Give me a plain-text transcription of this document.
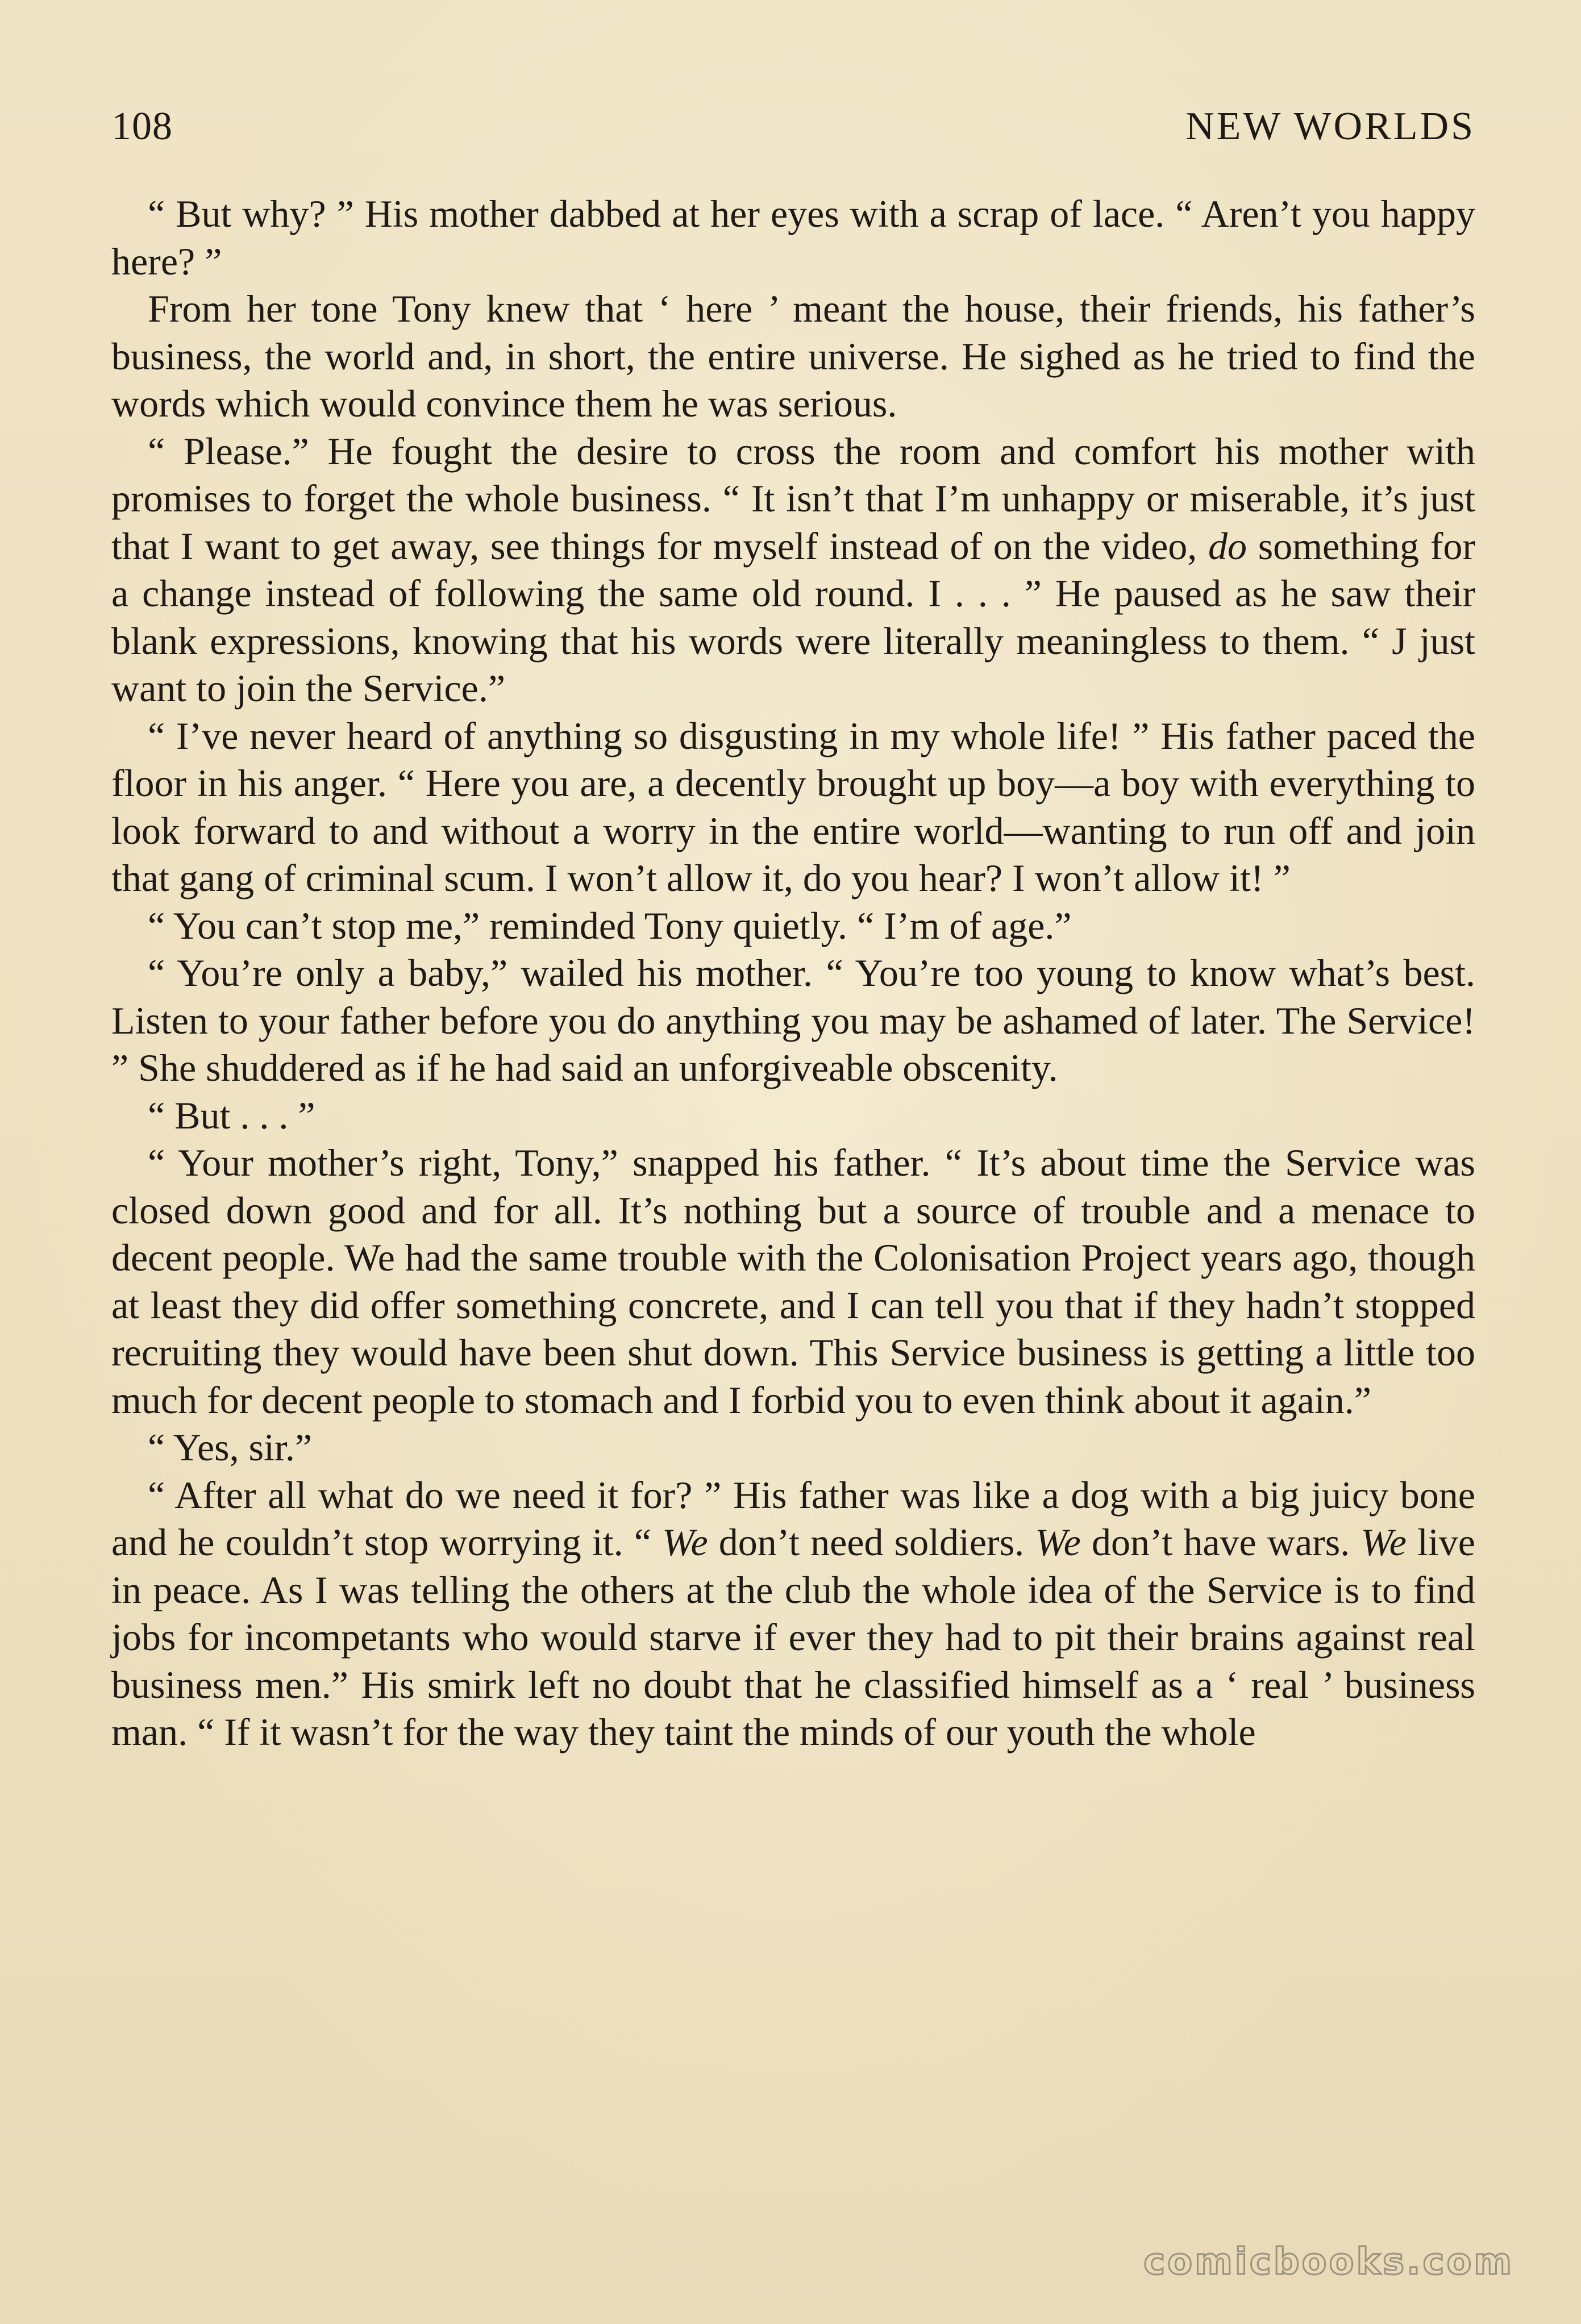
108	NEW WORLDS

“ But why? ” His mother dabbed at her eyes with a scrap of lace. “ Aren’t you happy here? ”

From her tone Tony knew that ‘ here ’ meant the house, their friends, his father’s business, the world and, in short, the entire universe. He sighed as he tried to find the words which would convince them he was serious.

“ Please.” He fought the desire to cross the room and comfort his mother with promises to forget the whole business. “ It isn’t that I’m unhappy or miserable, it’s just that I want to get away, see things for myself instead of on the video, do something for a change instead of following the same old round. I . . . ” He paused as he saw their blank expressions, knowing that his words were literally meaningless to them. “ J just want to join the Service.”

“ I’ve never heard of anything so disgusting in my whole life! ” His father paced the floor in his anger. “ Here you are, a decently brought up boy—a boy with everything to look forward to and without a worry in the entire world—wanting to run off and join that gang of criminal scum. I won’t allow it, do you hear? I won’t allow it! ”

“ You can’t stop me,” reminded Tony quietly. “ I’m of age.”

“ You’re only a baby,” wailed his mother. “ You’re too young to know what’s best. Listen to your father before you do anything you may be ashamed of later. The Service! ” She shuddered as if he had said an unforgiveable obscenity.

“ But . . . ”

“ Your mother’s right, Tony,” snapped his father. “ It’s about time the Service was closed down good and for all. It’s nothing but a source of trouble and a menace to decent people. We had the same trouble with the Colonisation Project years ago, though at least they did offer something concrete, and I can tell you that if they hadn’t stopped recruiting they would have been shut down. This Service business is getting a little too much for decent people to stomach and I forbid you to even think about it again.”

“ Yes, sir.”

“ After all what do we need it for? ” His father was like a dog with a big juicy bone and he couldn’t stop worrying it. “ We don’t need soldiers. We don’t have wars. We live in peace. As I was telling the others at the club the whole idea of the Service is to find jobs for incompetants who would starve if ever they had to pit their brains against real business men.” His smirk left no doubt that he classified himself as a ‘ real ’ business man. “ If it wasn’t for the way they taint the minds of our youth the whole

comicbooks.com
